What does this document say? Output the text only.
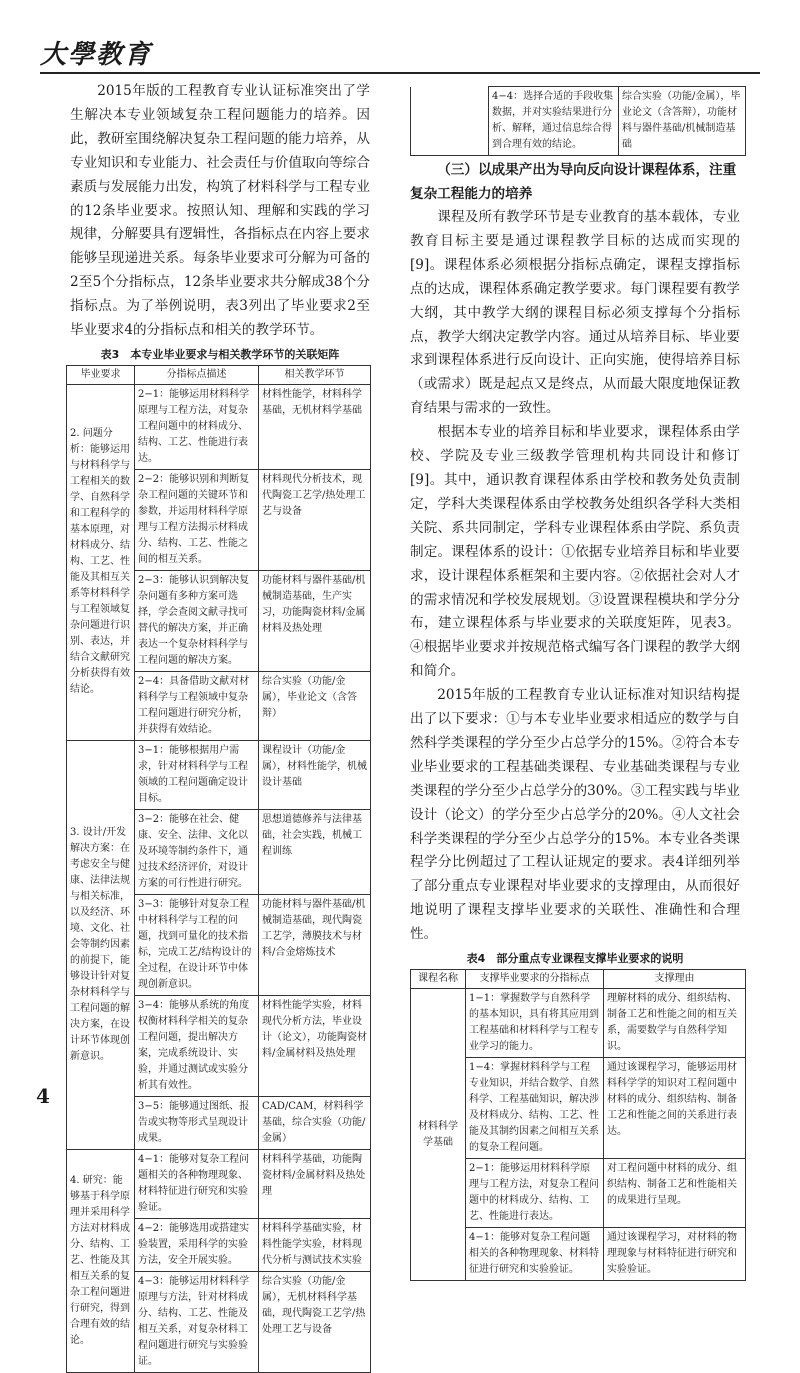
大學教育

2015年版的工程教育专业认证标准突出了学生解决本专业领域复杂工程问题能力的培养。因此，教研室围绕解决复杂工程问题的能力培养，从专业知识和专业能力、社会责任与价值取向等综合素质与发展能力出发，构筑了材料科学与工程专业的12条毕业要求。按照认知、理解和实践的学习规律，分解要具有逻辑性，各指标点在内容上要求能够呈现递进关系。每条毕业要求可分解为可备的2至5个分指标点，12条毕业要求共分解成38个分指标点。为了举例说明，表3列出了毕业要求2至毕业要求4的分指标点和相关的教学环节。

表3　本专业毕业要求与相关教学环节的关联矩阵

毕业要求	分指标点描述	相关教学环节
2. 问题分析：能够运用与材料科学与工程相关的数学、自然科学和工程科学的基本原理，对材料成分、结构、工艺、性能及其相互关系等材料科学与工程领域复杂问题进行识别、表达，并结合文献研究分析获得有效结论。	2−1：能够运用材料科学原理与工程方法，对复杂工程问题中的材料成分、结构、工艺、性能进行表达。	材料性能学，材料科学基础，无机材料学基础
	2−2：能够识别和判断复杂工程问题的关键环节和参数，并运用材料科学原理与工程方法揭示材料成分、结构、工艺、性能之间的相互关系。	材料现代分析技术，现代陶瓷工艺学/热处理工艺与设备
	2−3：能够认识到解决复杂问题有多种方案可选择，学会查阅文献寻找可替代的解决方案，并正确表达一个复杂材料科学与工程问题的解决方案。	功能材料与器件基础/机械制造基础，生产实习，功能陶瓷材料/金属材料及热处理
	2−4：具备借助文献对材料科学与工程领域中复杂工程问题进行研究分析，并获得有效结论。	综合实验（功能/金属），毕业论文（含答辩）
3. 设计/开发解决方案：在考虑安全与健康、法律法规与相关标准，以及经济、环境、文化、社会等制约因素的前提下，能够设计针对复杂材料科学与工程问题的解决方案，在设计环节体现创新意识。	3−1：能够根据用户需求，针对材料科学与工程领域的工程问题确定设计目标。	课程设计（功能/金属），材料性能学，机械设计基础
	3−2：能够在社会、健康、安全、法律、文化以及环境等制约条件下，通过技术经济评价，对设计方案的可行性进行研究。	思想道德修养与法律基础，社会实践，机械工程训练
	3−3：能够针对复杂工程中材料科学与工程的问题，找到可量化的技术指标，完成工艺/结构设计的全过程，在设计环节中体现创新意识。	功能材料与器件基础/机械制造基础，现代陶瓷工艺学，薄膜技术与材料/合金熔炼技术
	3−4：能够从系统的角度权衡材料科学相关的复杂工程问题，提出解决方案，完成系统设计、实验，并通过测试或实验分析其有效性。	材料性能学实验，材料现代分析方法，毕业设计（论文），功能陶瓷材料/金属材料及热处理
	3−5：能够通过图纸、报告或实物等形式呈现设计成果。	CAD/CAM，材料科学基础，综合实验（功能/金属）
4. 研究：能够基于科学原理并采用科学方法对材料成分、结构、工艺、性能及其相互关系的复杂工程问题进行研究，得到合理有效的结论。	4−1：能够对复杂工程问题相关的各种物理现象、材料特征进行研究和实验验证。	材料科学基础，功能陶瓷材料/金属材料及热处理
	4−2：能够选用或搭建实验装置，采用科学的实验方法，安全开展实验。	材料科学基础实验，材料性能学实验，材料现代分析与测试技术实验
	4−3：能够运用材料科学原理与方法，针对材料成分、结构、工艺、性能及相互关系，对复杂材料工程问题进行研究与实验验证。	综合实验（功能/金属），无机材料科学基础，现代陶瓷工艺学/热处理工艺与设备
	4−4：选择合适的手段收集数据，并对实验结果进行分析、解释，通过信息综合得到合理有效的结论。	综合实验（功能/金属），毕业论文（含答辩），功能材料与器件基础/机械制造基础

（三）以成果产出为导向反向设计课程体系，注重复杂工程能力的培养

课程及所有教学环节是专业教育的基本载体，专业教育目标主要是通过课程教学目标的达成而实现的[9]。课程体系必须根据分指标点确定，课程支撑指标点的达成，课程体系确定教学要求。每门课程要有教学大纲，其中教学大纲的课程目标必须支撑每个分指标点，教学大纲决定教学内容。通过从培养目标、毕业要求到课程体系进行反向设计、正向实施，使得培养目标（或需求）既是起点又是终点，从而最大限度地保证教育结果与需求的一致性。

根据本专业的培养目标和毕业要求，课程体系由学校、学院及专业三级教学管理机构共同设计和修订[9]。其中，通识教育课程体系由学校和教务处负责制定，学科大类课程体系由学校教务处组织各学科大类相关院、系共同制定，学科专业课程体系由学院、系负责制定。课程体系的设计：①依据专业培养目标和毕业要求，设计课程体系框架和主要内容。②依据社会对人才的需求情况和学校发展规划。③设置课程模块和学分分布，建立课程体系与毕业要求的关联度矩阵，见表3。④根据毕业要求并按规范格式编写各门课程的教学大纲和简介。

2015年版的工程教育专业认证标准对知识结构提出了以下要求：①与本专业毕业要求相适应的数学与自然科学类课程的学分至少占总学分的15%。②符合本专业毕业要求的工程基础类课程、专业基础类课程与专业类课程的学分至少占总学分的30%。③工程实践与毕业设计（论文）的学分至少占总学分的20%。④人文社会科学类课程的学分至少占总学分的15%。本专业各类课程学分比例超过了工程认证规定的要求。表4详细列举了部分重点专业课程对毕业要求的支撑理由，从而很好地说明了课程支撑毕业要求的关联性、准确性和合理性。

表4　部分重点专业课程支撑毕业要求的说明

课程名称	支撑毕业要求的分指标点	支撑理由
材料科学学基础	1−1：掌握数学与自然科学的基本知识，具有将其应用到工程基础和材料科学与工程专业学习的能力。	理解材料的成分、组织结构、制备工艺和性能之间的相互关系，需要数学与自然科学知识。
	1−4：掌握材料科学与工程专业知识，并结合数学、自然科学、工程基础知识，解决涉及材料成分、结构、工艺、性能及其制约因素之间相互关系的复杂工程问题。	通过该课程学习，能够运用材料科学学的知识对工程问题中材料的成分、组织结构、制备工艺和性能之间的关系进行表达。
	2−1：能够运用材料科学原理与工程方法，对复杂工程问题中的材料成分、结构、工艺、性能进行表达。	对工程问题中材料的成分、组织结构、制备工艺和性能相关的成果进行呈现。
	4−1：能够对复杂工程问题相关的各种物理现象、材料特征进行研究和实验验证。	通过该课程学习，对材料的物理现象与材料特征进行研究和实验验证。
4
